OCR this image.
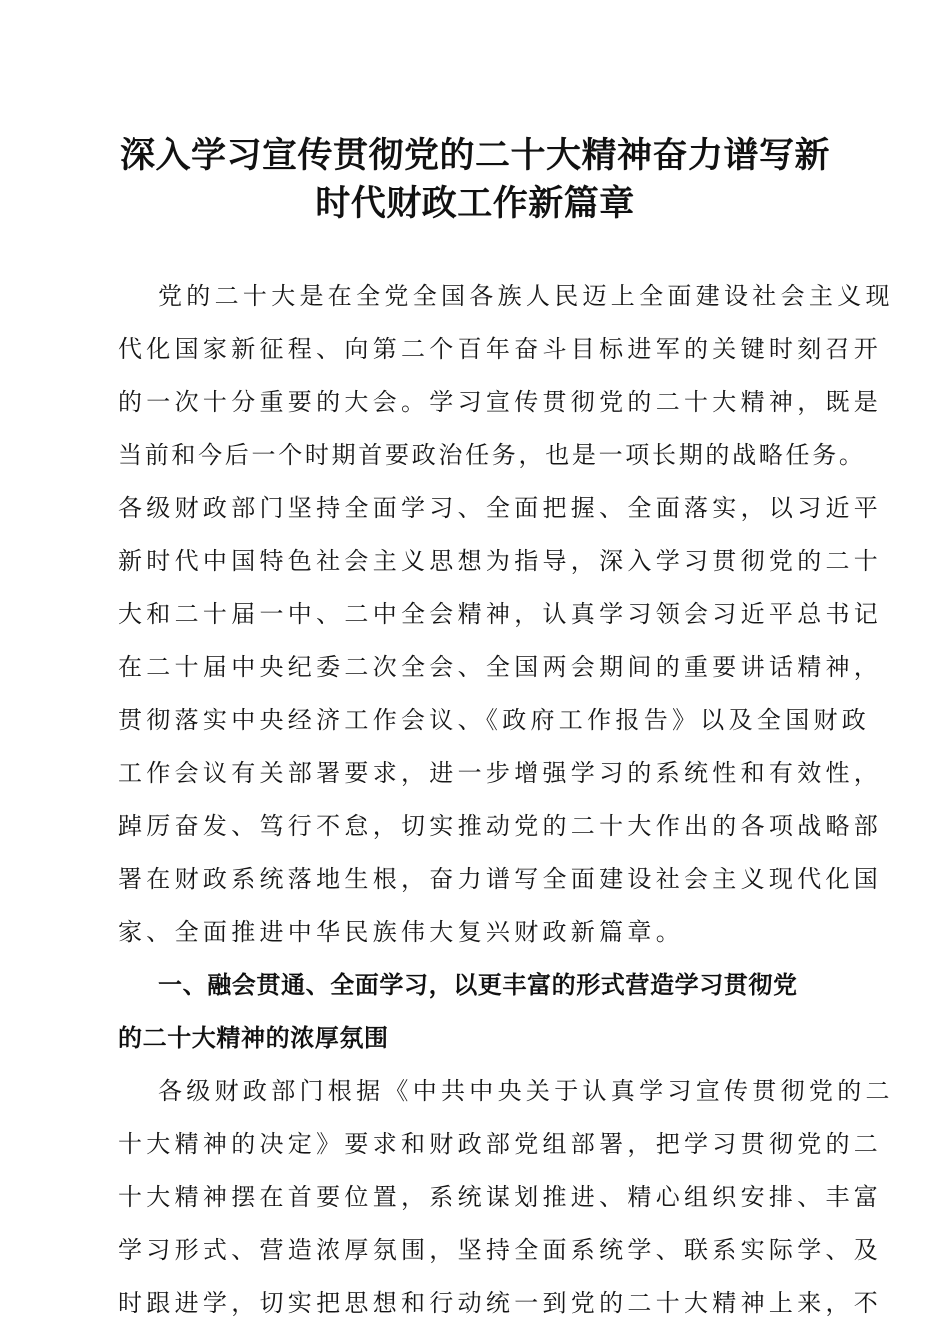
深入学习宣传贯彻党的二十大精神奋力谱写新
时代财政工作新篇章
党的二十大是在全党全国各族人民迈上全面建设社会主义现
代化国家新征程、向第二个百年奋斗目标进军的关键时刻召开
的一次十分重要的大会。学习宣传贯彻党的二十大精神，既是
当前和今后一个时期首要政治任务，也是一项长期的战略任务。
各级财政部门坚持全面学习、全面把握、全面落实，以习近平
新时代中国特色社会主义思想为指导，深入学习贯彻党的二十
大和二十届一中、二中全会精神，认真学习领会习近平总书记
在二十届中央纪委二次全会、全国两会期间的重要讲话精神，
贯彻落实中央经济工作会议、《政府工作报告》以及全国财政
工作会议有关部署要求，进一步增强学习的系统性和有效性，
踔厉奋发、笃行不怠，切实推动党的二十大作出的各项战略部
署在财政系统落地生根，奋力谱写全面建设社会主义现代化国
家、全面推进中华民族伟大复兴财政新篇章。
一、融会贯通、全面学习，以更丰富的形式营造学习贯彻党
的二十大精神的浓厚氛围
各级财政部门根据《中共中央关于认真学习宣传贯彻党的二
十大精神的决定》要求和财政部党组部署，把学习贯彻党的二
十大精神摆在首要位置，系统谋划推进、精心组织安排、丰富
学习形式、营造浓厚氛围，坚持全面系统学、联系实际学、及
时跟进学，切实把思想和行动统一到党的二十大精神上来，不
